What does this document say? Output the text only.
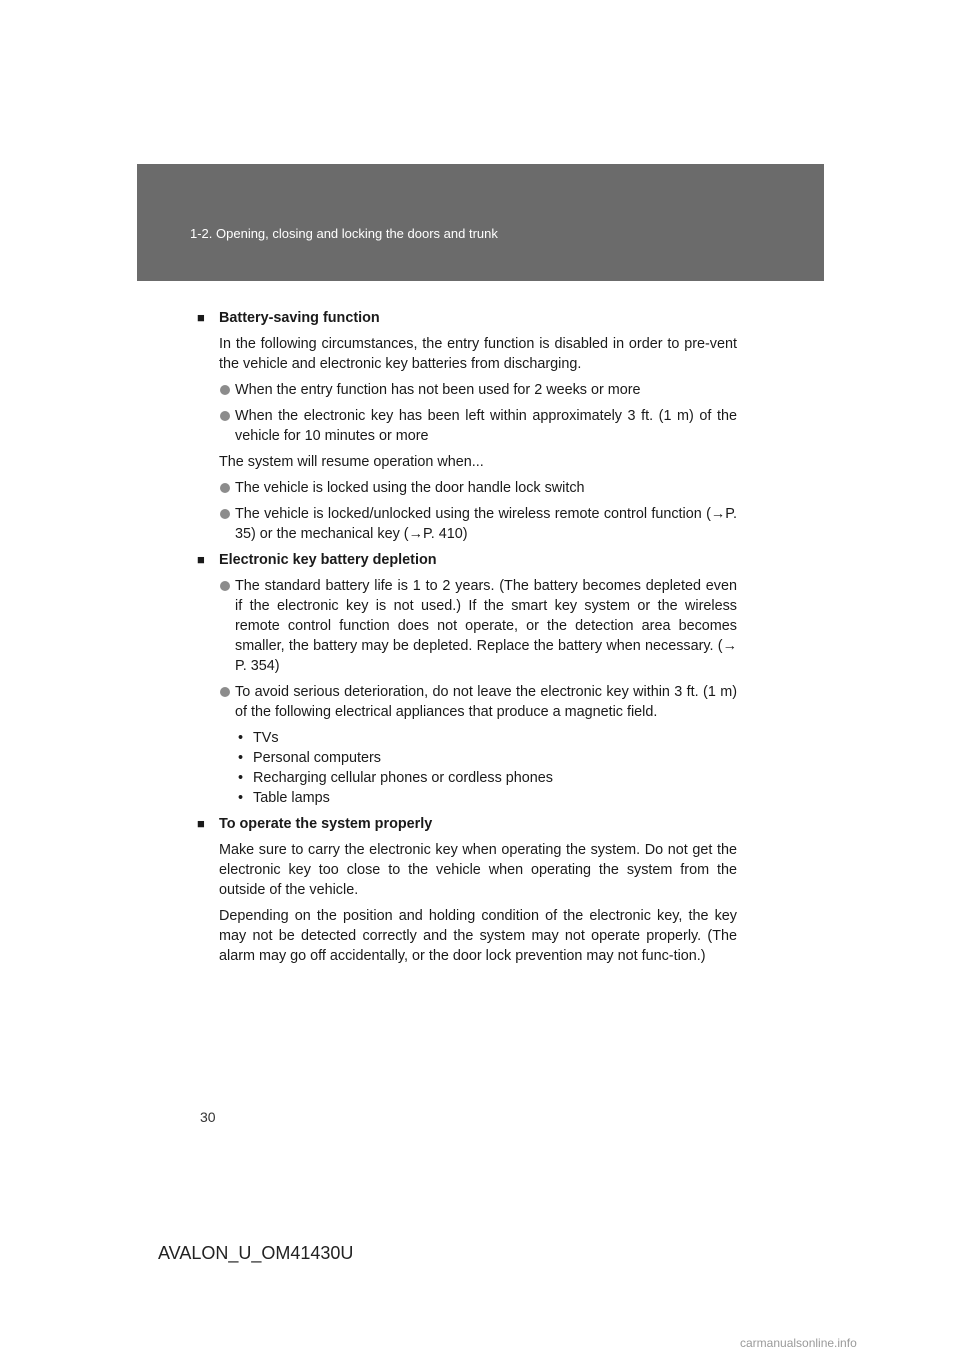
1-2. Opening, closing and locking the doors and trunk
■ Battery-saving function

In the following circumstances, the entry function is disabled in order to pre-vent the vehicle and electronic key batteries from discharging.

When the entry function has not been used for 2 weeks or more
When the electronic key has been left within approximately 3 ft. (1 m) of the vehicle for 10 minutes or more

The system will resume operation when...

The vehicle is locked using the door handle lock switch
The vehicle is locked/unlocked using the wireless remote control function (→P. 35) or the mechanical key (→P. 410)
■ Electronic key battery depletion
The standard battery life is 1 to 2 years. (The battery becomes depleted even if the electronic key is not used.) If the smart key system or the wireless remote control function does not operate, or the detection area becomes smaller, the battery may be depleted. Replace the battery when necessary. (→ P. 354)
To avoid serious deterioration, do not leave the electronic key within 3 ft. (1 m) of the following electrical appliances that produce a magnetic field.
• TVs
• Personal computers
• Recharging cellular phones or cordless phones
• Table lamps
■ To operate the system properly

Make sure to carry the electronic key when operating the system. Do not get the electronic key too close to the vehicle when operating the system from the outside of the vehicle.

Depending on the position and holding condition of the electronic key, the key may not be detected correctly and the system may not operate properly. (The alarm may go off accidentally, or the door lock prevention may not func-tion.)

30
AVALON_U_OM41430U
carmanualsonline.info
